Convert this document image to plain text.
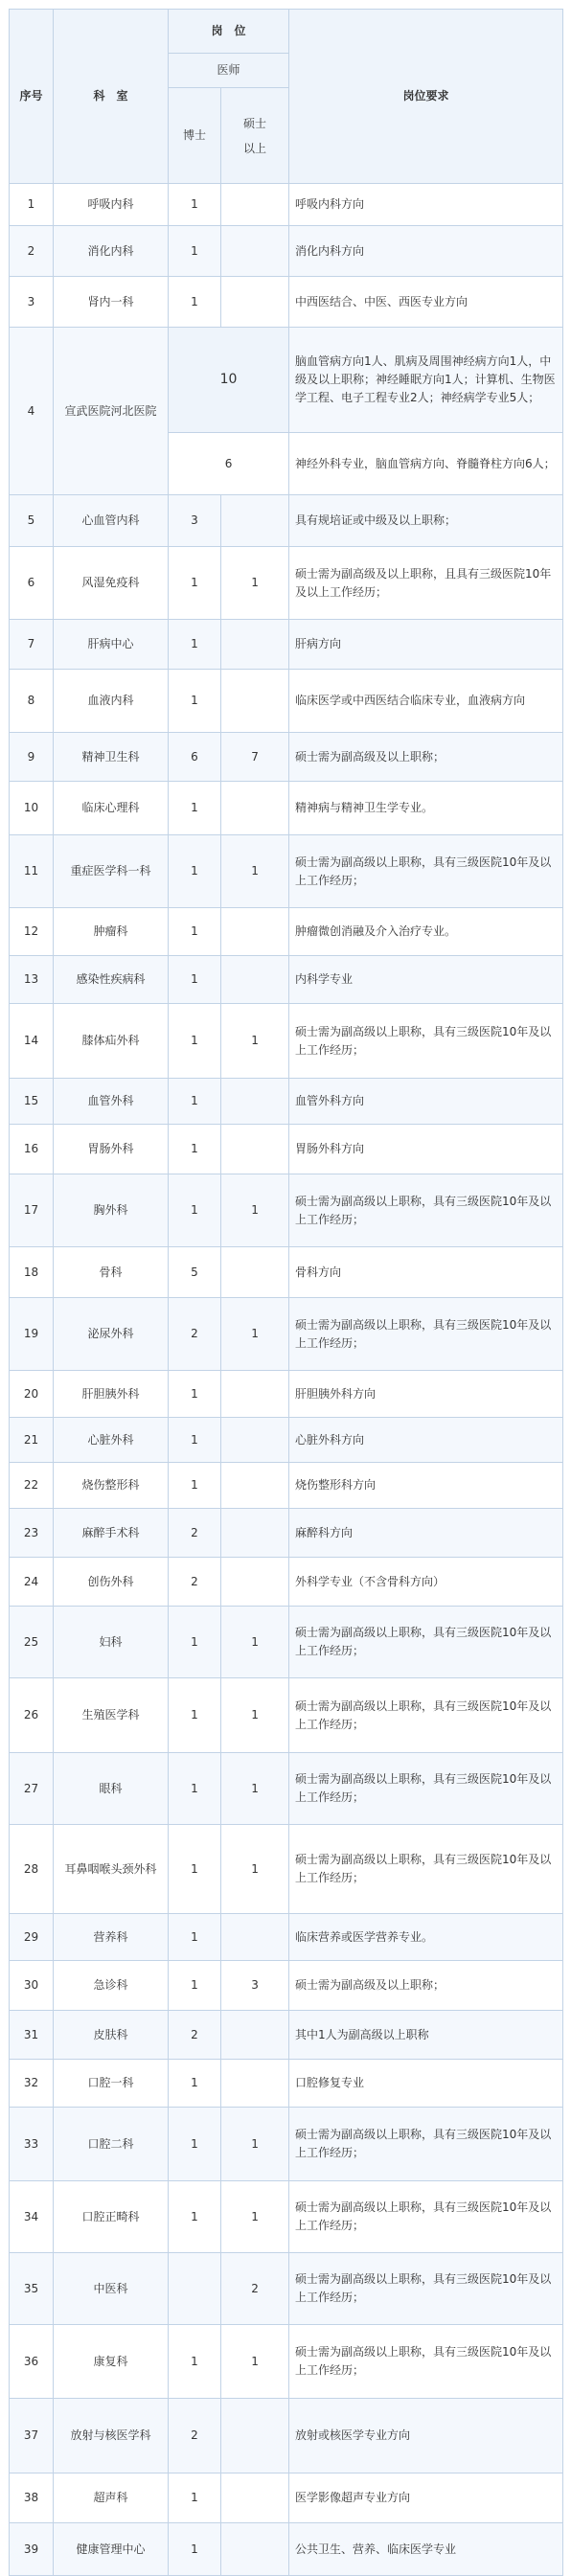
序号	科　室	岗　位		岗位要求
		医师		
		博士	硕士
以上	
1	呼吸内科	1		呼吸内科方向
2	消化内科	1		消化内科方向
3	肾内一科	1		中西医结合、中医、西医专业方向
4	宣武医院河北医院	10		脑血管病方向1人、肌病及周围神经病方向1人，中级及以上职称；神经睡眠方向1人；计算机、生物医学工程、电子工程专业2人；神经病学专业5人；
		6		神经外科专业，脑血管病方向、脊髓脊柱方向6人；
5	心血管内科	3		具有规培证或中级及以上职称；
6	风湿免疫科	1	1	硕士需为副高级及以上职称，且具有三级医院10年及以上工作经历；
7	肝病中心	1		肝病方向
8	血液内科	1		临床医学或中西医结合临床专业，血液病方向
9	精神卫生科	6	7	硕士需为副高级及以上职称；
10	临床心理科	1		精神病与精神卫生学专业。
11	重症医学科一科	1	1	硕士需为副高级以上职称，具有三级医院10年及以上工作经历；
12	肿瘤科	1		肿瘤微创消融及介入治疗专业。
13	感染性疾病科	1		内科学专业
14	膝体疝外科	1	1	硕士需为副高级以上职称，具有三级医院10年及以上工作经历；
15	血管外科	1		血管外科方向
16	胃肠外科	1		胃肠外科方向
17	胸外科	1	1	硕士需为副高级以上职称，具有三级医院10年及以上工作经历；
18	骨科	5		骨科方向
19	泌尿外科	2	1	硕士需为副高级以上职称，具有三级医院10年及以上工作经历；
20	肝胆胰外科	1		肝胆胰外科方向
21	心脏外科	1		心脏外科方向
22	烧伤整形科	1		烧伤整形科方向
23	麻醉手术科	2		麻醉科方向
24	创伤外科	2		外科学专业（不含骨科方向）
25	妇科	1	1	硕士需为副高级以上职称，具有三级医院10年及以上工作经历；
26	生殖医学科	1	1	硕士需为副高级以上职称，具有三级医院10年及以上工作经历；
27	眼科	1	1	硕士需为副高级以上职称，具有三级医院10年及以上工作经历；
28	耳鼻咽喉头颈外科	1	1	硕士需为副高级以上职称，具有三级医院10年及以上工作经历；
29	营养科	1		临床营养或医学营养专业。
30	急诊科	1	3	硕士需为副高级及以上职称；
31	皮肤科	2		其中1人为副高级以上职称
32	口腔一科	1		口腔修复专业
33	口腔二科	1	1	硕士需为副高级以上职称，具有三级医院10年及以上工作经历；
34	口腔正畸科	1	1	硕士需为副高级以上职称，具有三级医院10年及以上工作经历；
35	中医科		2	硕士需为副高级以上职称，具有三级医院10年及以上工作经历；
36	康复科	1	1	硕士需为副高级以上职称，具有三级医院10年及以上工作经历；
37	放射与核医学科	2		放射或核医学专业方向
38	超声科	1		医学影像超声专业方向
39	健康管理中心	1		公共卫生、营养、临床医学专业
